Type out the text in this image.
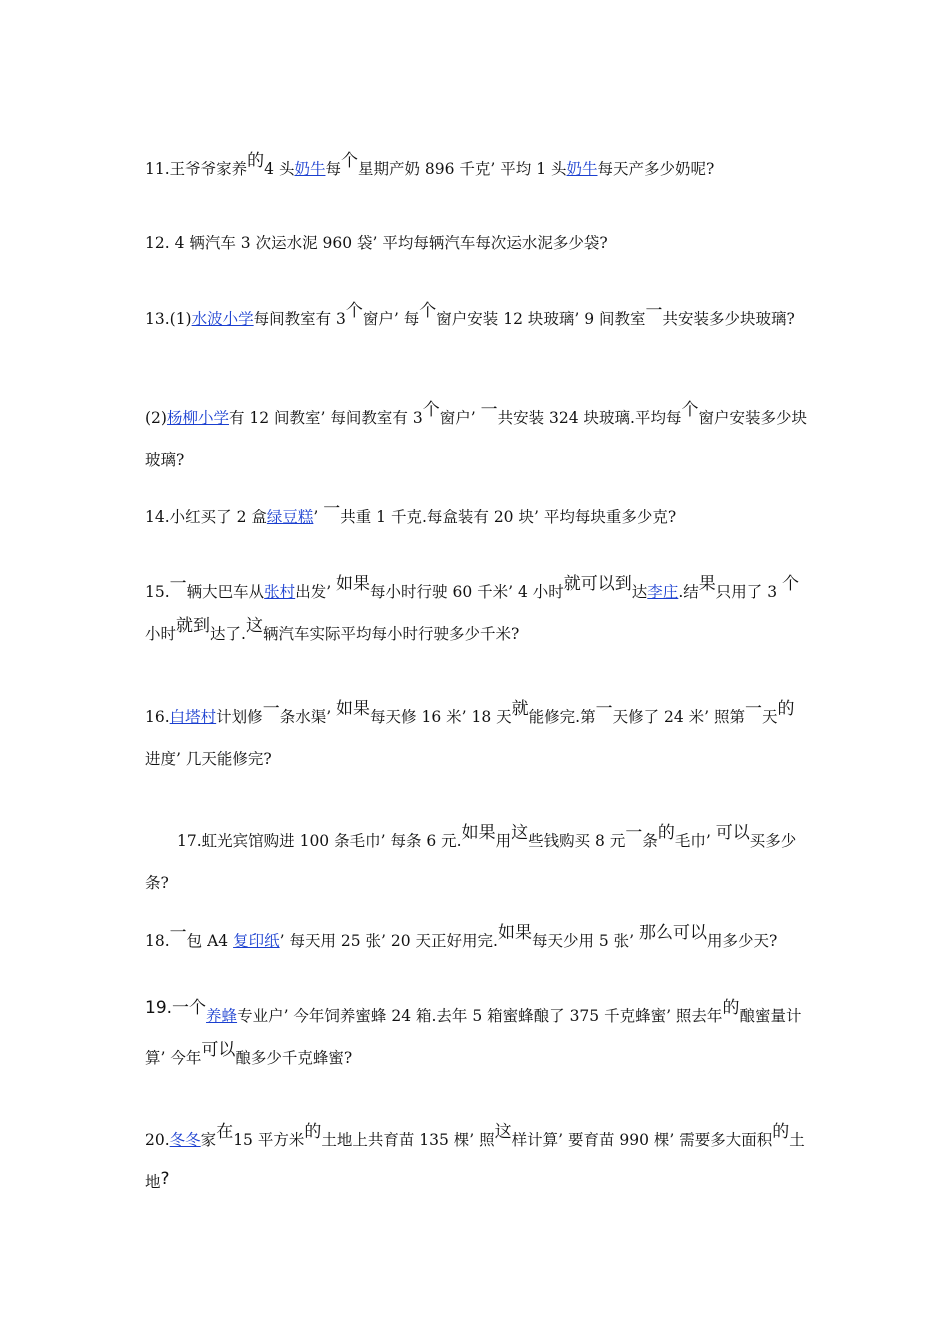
11.王爷爷家养的4 头奶牛每个星期产奶 896 千克’ 平均 1 头奶牛每天产多少奶呢?
12. 4 辆汽车 3 次运水泥 960 袋’ 平均每辆汽车每次运水泥多少袋?
13.(1)水波小学每间教室有 3个窗户’ 每个窗户安装 12 块玻璃’ 9 间教室一共安装多少块玻璃?
(2)杨柳小学有 12 间教室’ 每间教室有 3个窗户’ 一共安装 324 块玻璃.平均每个窗户安装多少块玻璃?
14.小红买了 2 盒绿豆糕’ 一共重 1 千克.每盒装有 20 块’ 平均每块重多少克?
15.一辆大巴车从张村出发’ 如果每小时行驶 60 千米’ 4 小时就可以到达李庄.结果只用了 3 个小时就到达了.这辆汽车实际平均每小时行驶多少千米?
16.白塔村计划修一条水渠’ 如果每天修 16 米’ 18 天就能修完.第一天修了 24 米’ 照第一天的进度’ 几天能修完?
17.虹光宾馆购进 100 条毛巾’ 每条 6 元.如果用这些钱购买 8 元一条的毛巾’ 可以买多少条?
18.一包 A4 复印纸’ 每天用 25 张’ 20 天正好用完.如果每天少用 5 张’ 那么可以用多少天?
19.一个养蜂专业户’ 今年饲养蜜蜂 24 箱.去年 5 箱蜜蜂酿了 375 千克蜂蜜’ 照去年的酿蜜量计算’ 今年可以酿多少千克蜂蜜?
20.冬冬家在15 平方米的土地上共育苗 135 棵’ 照这样计算’ 要育苗 990 棵’ 需要多大面积的土地?
